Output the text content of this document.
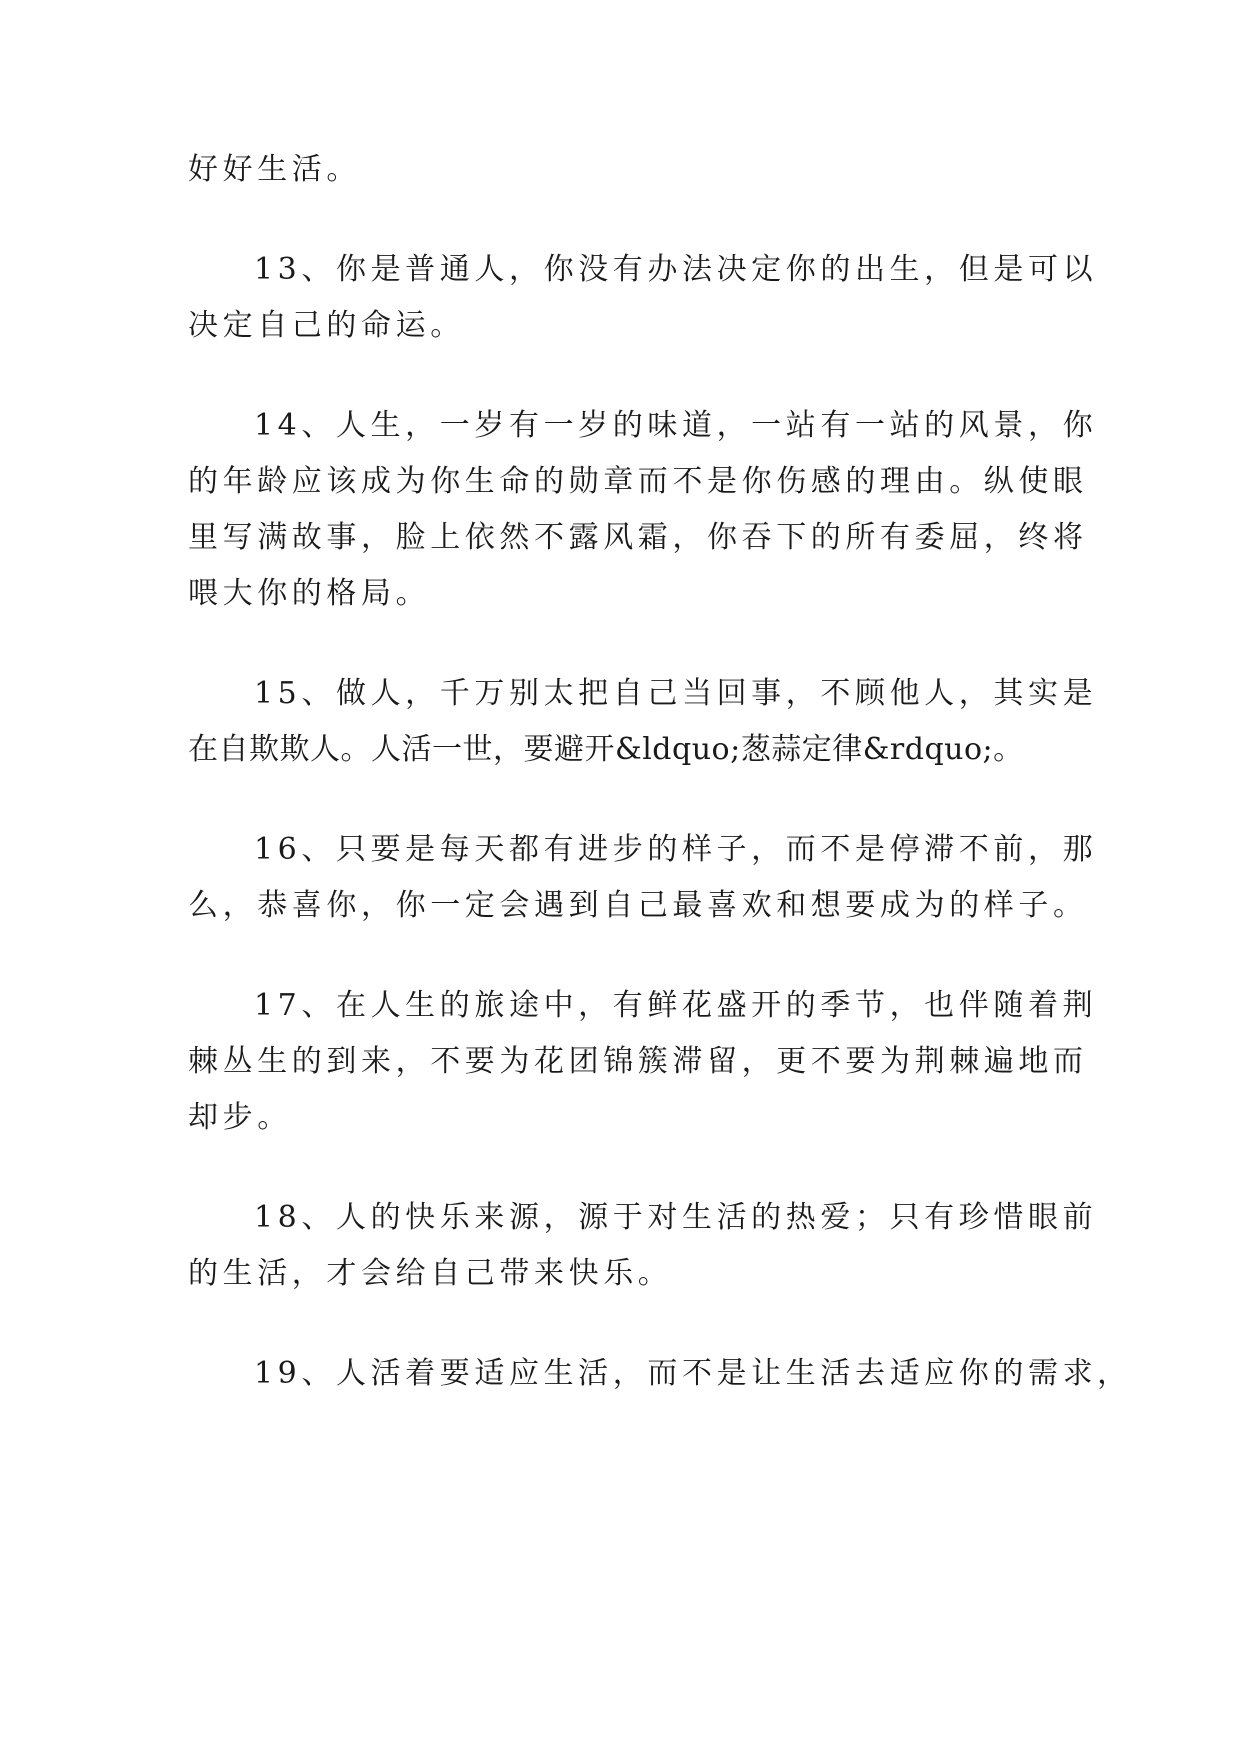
好好生活。
13、你是普通人，你没有办法决定你的出生，但是可以
决定自己的命运。
14、人生，一岁有一岁的味道，一站有一站的风景，你
的年龄应该成为你生命的勋章而不是你伤感的理由。纵使眼
里写满故事，脸上依然不露风霜，你吞下的所有委屈，终将
喂大你的格局。
15、做人，千万别太把自己当回事，不顾他人，其实是
在自欺欺人。人活一世，要避开&ldquo;葱蒜定律&rdquo;。
16、只要是每天都有进步的样子，而不是停滞不前，那
么，恭喜你，你一定会遇到自己最喜欢和想要成为的样子。
17、在人生的旅途中，有鲜花盛开的季节，也伴随着荆
棘丛生的到来，不要为花团锦簇滞留，更不要为荆棘遍地而
却步。
18、人的快乐来源，源于对生活的热爱；只有珍惜眼前
的生活，才会给自己带来快乐。
19、人活着要适应生活，而不是让生活去适应你的需求，
